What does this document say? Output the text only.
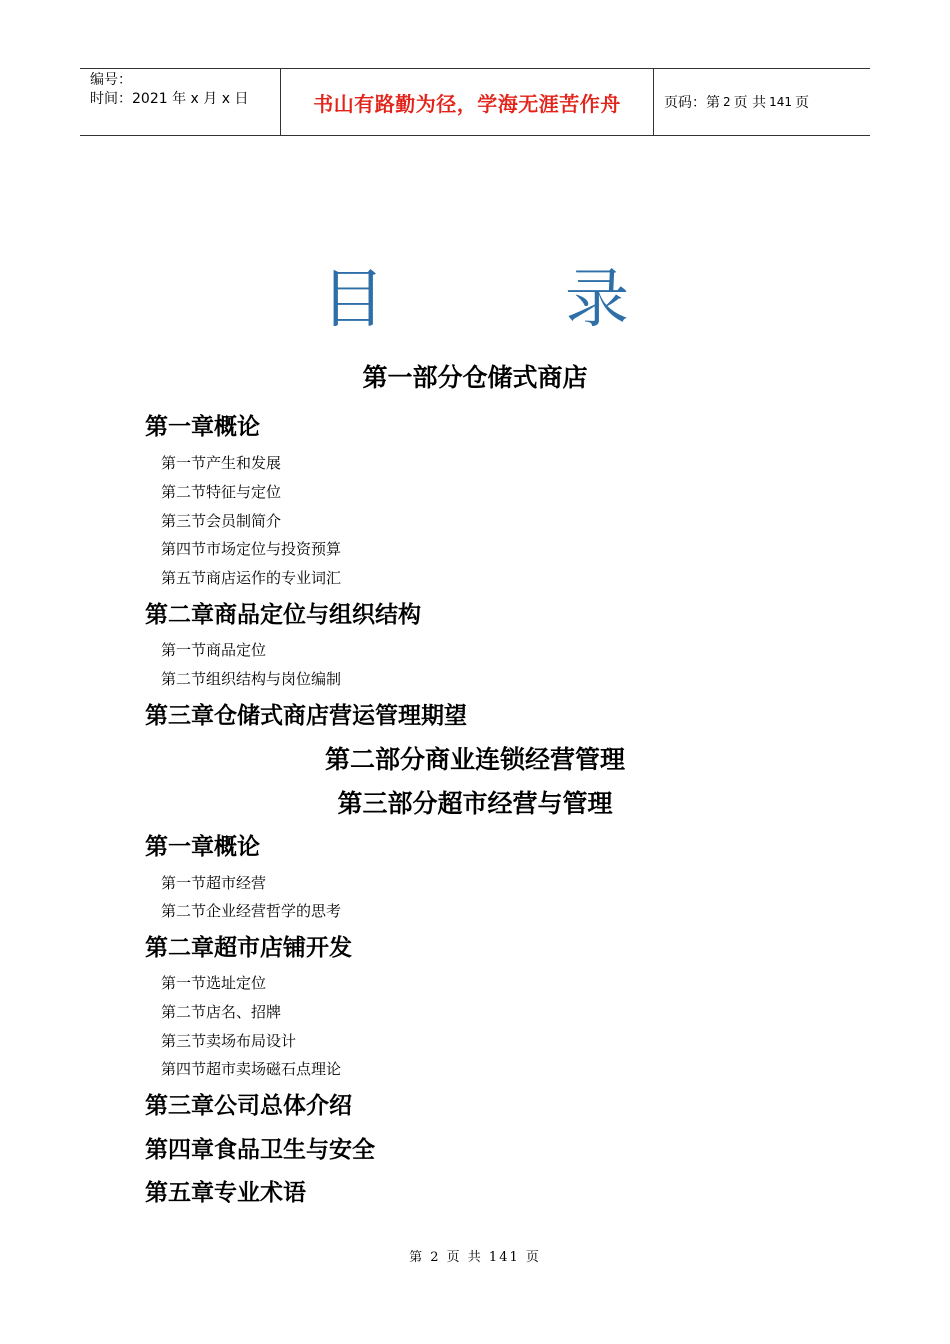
编号：
时间：2021 年 x 月 x 日	书山有路勤为径，学海无涯苦作舟	页码：第 2 页 共 141 页
目	录
第一部分仓储式商店
第一章概论
第一节产生和发展
第二节特征与定位
第三节会员制简介
第四节市场定位与投资预算
第五节商店运作的专业词汇
第二章商品定位与组织结构
第一节商品定位
第二节组织结构与岗位编制
第三章仓储式商店营运管理期望
第二部分商业连锁经营管理
第三部分超市经营与管理
第一章概论
第一节超市经营
第二节企业经营哲学的思考
第二章超市店铺开发
第一节选址定位
第二节店名、招牌
第三节卖场布局设计
第四节超市卖场磁石点理论
第三章公司总体介绍
第四章食品卫生与安全
第五章专业术语
第 2 页 共 141 页
